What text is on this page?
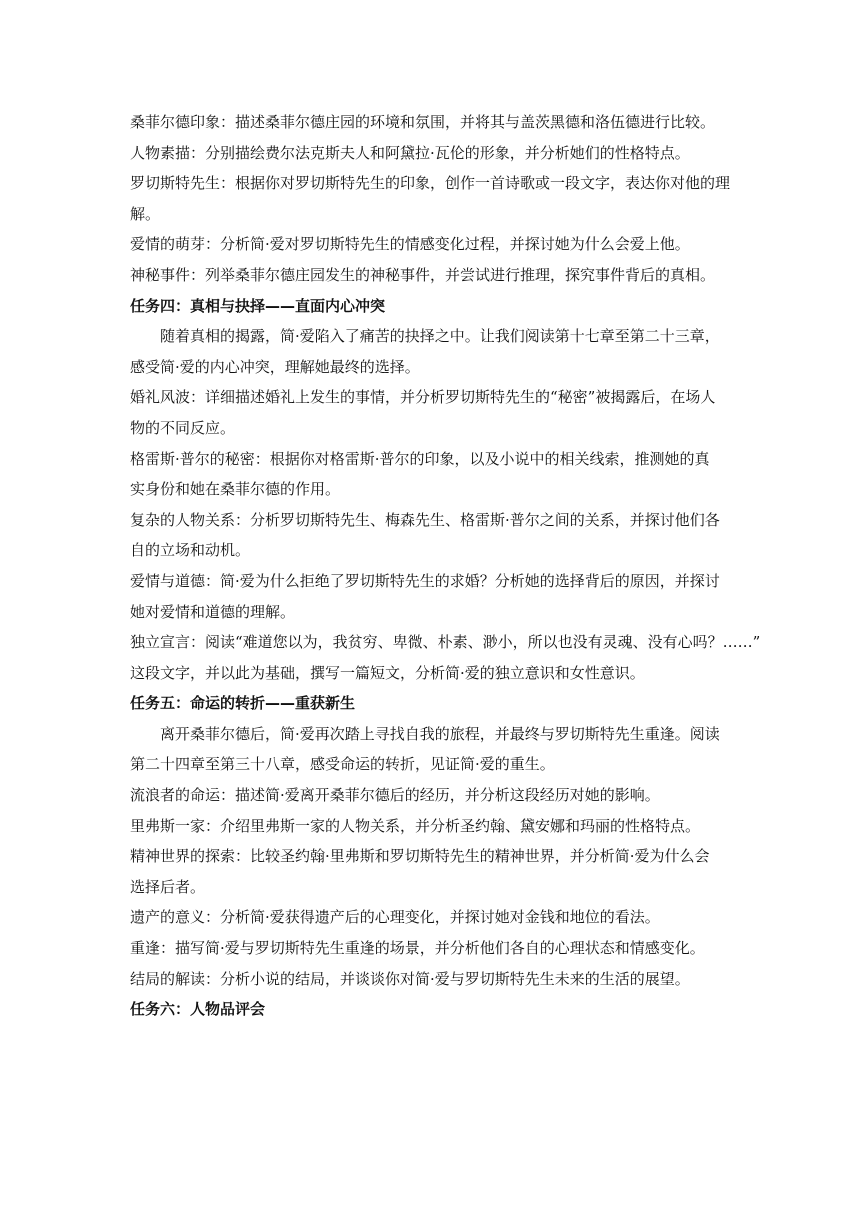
桑菲尔德印象：描述桑菲尔德庄园的环境和氛围，并将其与盖茨黑德和洛伍德进行比较。
人物素描：分别描绘费尔法克斯夫人和阿黛拉·瓦伦的形象，并分析她们的性格特点。
罗切斯特先生：根据你对罗切斯特先生的印象，创作一首诗歌或一段文字，表达你对他的理
解。
爱情的萌芽：分析简·爱对罗切斯特先生的情感变化过程，并探讨她为什么会爱上他。
神秘事件：列举桑菲尔德庄园发生的神秘事件，并尝试进行推理，探究事件背后的真相。
任务四：真相与抉择——直面内心冲突
随着真相的揭露，简·爱陷入了痛苦的抉择之中。让我们阅读第十七章至第二十三章，
感受简·爱的内心冲突，理解她最终的选择。
婚礼风波：详细描述婚礼上发生的事情，并分析罗切斯特先生的“秘密”被揭露后，在场人
物的不同反应。
格雷斯·普尔的秘密：根据你对格雷斯·普尔的印象，以及小说中的相关线索，推测她的真
实身份和她在桑菲尔德的作用。
复杂的人物关系：分析罗切斯特先生、梅森先生、格雷斯·普尔之间的关系，并探讨他们各
自的立场和动机。
爱情与道德：简·爱为什么拒绝了罗切斯特先生的求婚？分析她的选择背后的原因，并探讨
她对爱情和道德的理解。
独立宣言：阅读“难道您以为，我贫穷、卑微、朴素、渺小，所以也没有灵魂、没有心吗？……”
这段文字，并以此为基础，撰写一篇短文，分析简·爱的独立意识和女性意识。
任务五：命运的转折——重获新生
离开桑菲尔德后，简·爱再次踏上寻找自我的旅程，并最终与罗切斯特先生重逢。阅读
第二十四章至第三十八章，感受命运的转折，见证简·爱的重生。
流浪者的命运：描述简·爱离开桑菲尔德后的经历，并分析这段经历对她的影响。
里弗斯一家：介绍里弗斯一家的人物关系，并分析圣约翰、黛安娜和玛丽的性格特点。
精神世界的探索：比较圣约翰·里弗斯和罗切斯特先生的精神世界，并分析简·爱为什么会
选择后者。
遗产的意义：分析简·爱获得遗产后的心理变化，并探讨她对金钱和地位的看法。
重逢：描写简·爱与罗切斯特先生重逢的场景，并分析他们各自的心理状态和情感变化。
结局的解读：分析小说的结局，并谈谈你对简·爱与罗切斯特先生未来的生活的展望。
任务六：人物品评会
